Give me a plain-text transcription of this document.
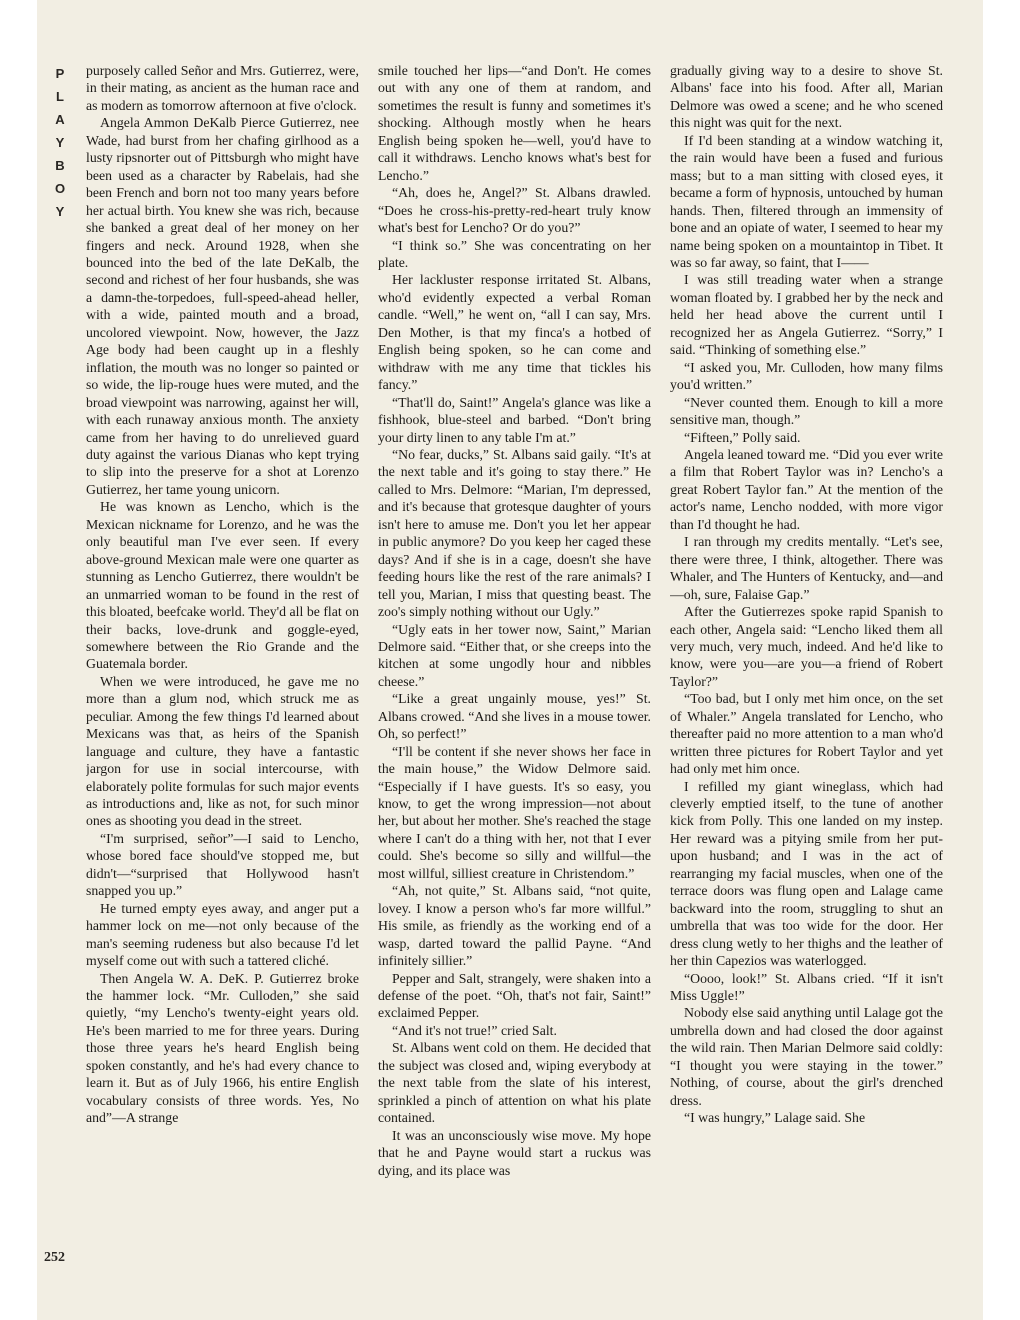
P
L
A
Y
B
O
Y
252

purposely called Señor and Mrs. Gutierrez, were, in their mating, as ancient as the human race and as modern as tomorrow afternoon at five o'clock.

Angela Ammon DeKalb Pierce Gutierrez, nee Wade, had burst from her chafing girlhood as a lusty ripsnorter out of Pittsburgh who might have been used as a character by Rabelais, had she been French and born not too many years before her actual birth. You knew she was rich, because she banked a great deal of her money on her fingers and neck. Around 1928, when she bounced into the bed of the late DeKalb, the second and richest of her four husbands, she was a damn-the-torpedoes, full-speed-ahead heller, with a wide, painted mouth and a broad, uncolored viewpoint. Now, however, the Jazz Age body had been caught up in a fleshly inflation, the mouth was no longer so painted or so wide, the lip-rouge hues were muted, and the broad viewpoint was narrowing, against her will, with each runaway anxious month. The anxiety came from her having to do unrelieved guard duty against the various Dianas who kept trying to slip into the preserve for a shot at Lorenzo Gutierrez, her tame young unicorn.

He was known as Lencho, which is the Mexican nickname for Lorenzo, and he was the only beautiful man I've ever seen. If every above-ground Mexican male were one quarter as stunning as Lencho Gutierrez, there wouldn't be an unmarried woman to be found in the rest of this bloated, beefcake world. They'd all be flat on their backs, love-drunk and goggle-eyed, somewhere between the Rio Grande and the Guatemala border.

When we were introduced, he gave me no more than a glum nod, which struck me as peculiar. Among the few things I'd learned about Mexicans was that, as heirs of the Spanish language and culture, they have a fantastic jargon for use in social intercourse, with elaborately polite formulas for such major events as introductions and, like as not, for such minor ones as shooting you dead in the street.

“I'm surprised, señor”—I said to Lencho, whose bored face should've stopped me, but didn't—“surprised that Hollywood hasn't snapped you up.”

He turned empty eyes away, and anger put a hammer lock on me—not only because of the man's seeming rudeness but also because I'd let myself come out with such a tattered cliché.

Then Angela W. A. DeK. P. Gutierrez broke the hammer lock. “Mr. Culloden,” she said quietly, “my Lencho's twenty-eight years old. He's been married to me for three years. During those three years he's heard English being spoken constantly, and he's had every chance to learn it. But as of July 1966, his entire English vocabulary consists of three words. Yes, No and”—A strange

smile touched her lips—“and Don't. He comes out with any one of them at random, and sometimes the result is funny and sometimes it's shocking. Although mostly when he hears English being spoken he—well, you'd have to call it withdraws. Lencho knows what's best for Lencho.”

“Ah, does he, Angel?” St. Albans drawled. “Does he cross-his-pretty-red-heart truly know what's best for Lencho? Or do you?”

“I think so.” She was concentrating on her plate.

Her lackluster response irritated St. Albans, who'd evidently expected a verbal Roman candle. “Well,” he went on, “all I can say, Mrs. Den Mother, is that my finca's a hotbed of English being spoken, so he can come and withdraw with me any time that tickles his fancy.”

“That'll do, Saint!” Angela's glance was like a fishhook, blue-steel and barbed. “Don't bring your dirty linen to any table I'm at.”

“No fear, ducks,” St. Albans said gaily. “It's at the next table and it's going to stay there.” He called to Mrs. Delmore: “Marian, I'm depressed, and it's because that grotesque daughter of yours isn't here to amuse me. Don't you let her appear in public anymore? Do you keep her caged these days? And if she is in a cage, doesn't she have feeding hours like the rest of the rare animals? I tell you, Marian, I miss that questing beast. The zoo's simply nothing without our Ugly.”

“Ugly eats in her tower now, Saint,” Marian Delmore said. “Either that, or she creeps into the kitchen at some ungodly hour and nibbles cheese.”

“Like a great ungainly mouse, yes!” St. Albans crowed. “And she lives in a mouse tower. Oh, so perfect!”

“I'll be content if she never shows her face in the main house,” the Widow Delmore said. “Especially if I have guests. It's so easy, you know, to get the wrong impression—not about her, but about her mother. She's reached the stage where I can't do a thing with her, not that I ever could. She's become so silly and willful—the most willful, silliest creature in Christendom.”

“Ah, not quite,” St. Albans said, “not quite, lovey. I know a person who's far more willful.” His smile, as friendly as the working end of a wasp, darted toward the pallid Payne. “And infinitely sillier.”

Pepper and Salt, strangely, were shaken into a defense of the poet. “Oh, that's not fair, Saint!” exclaimed Pepper.

“And it's not true!” cried Salt.

St. Albans went cold on them. He decided that the subject was closed and, wiping everybody at the next table from the slate of his interest, sprinkled a pinch of attention on what his plate contained.

It was an unconsciously wise move. My hope that he and Payne would start a ruckus was dying, and its place was

gradually giving way to a desire to shove St. Albans' face into his food. After all, Marian Delmore was owed a scene; and he who scened this night was quit for the next.

If I'd been standing at a window watching it, the rain would have been a fused and furious mass; but to a man sitting with closed eyes, it became a form of hypnosis, untouched by human hands. Then, filtered through an immensity of bone and an opiate of water, I seemed to hear my name being spoken on a mountaintop in Tibet. It was so far away, so faint, that I——

I was still treading water when a strange woman floated by. I grabbed her by the neck and held her head above the current until I recognized her as Angela Gutierrez. “Sorry,” I said. “Thinking of something else.”

“I asked you, Mr. Culloden, how many films you'd written.”

“Never counted them. Enough to kill a more sensitive man, though.”

“Fifteen,” Polly said.

Angela leaned toward me. “Did you ever write a film that Robert Taylor was in? Lencho's a great Robert Taylor fan.” At the mention of the actor's name, Lencho nodded, with more vigor than I'd thought he had.

I ran through my credits mentally. “Let's see, there were three, I think, altogether. There was Whaler, and The Hunters of Kentucky, and—and—oh, sure, Falaise Gap.”

After the Gutierrezes spoke rapid Spanish to each other, Angela said: “Lencho liked them all very much, very much, indeed. And he'd like to know, were you—are you—a friend of Robert Taylor?”

“Too bad, but I only met him once, on the set of Whaler.” Angela translated for Lencho, who thereafter paid no more attention to a man who'd written three pictures for Robert Taylor and yet had only met him once.

I refilled my giant wineglass, which had cleverly emptied itself, to the tune of another kick from Polly. This one landed on my instep. Her reward was a pitying smile from her put-upon husband; and I was in the act of rearranging my facial muscles, when one of the terrace doors was flung open and Lalage came backward into the room, struggling to shut an umbrella that was too wide for the door. Her dress clung wetly to her thighs and the leather of her thin Capezios was waterlogged.

“Oooo, look!” St. Albans cried. “If it isn't Miss Uggle!”

Nobody else said anything until Lalage got the umbrella down and had closed the door against the wild rain. Then Marian Delmore said coldly: “I thought you were staying in the tower.” Nothing, of course, about the girl's drenched dress.

“I was hungry,” Lalage said. She
